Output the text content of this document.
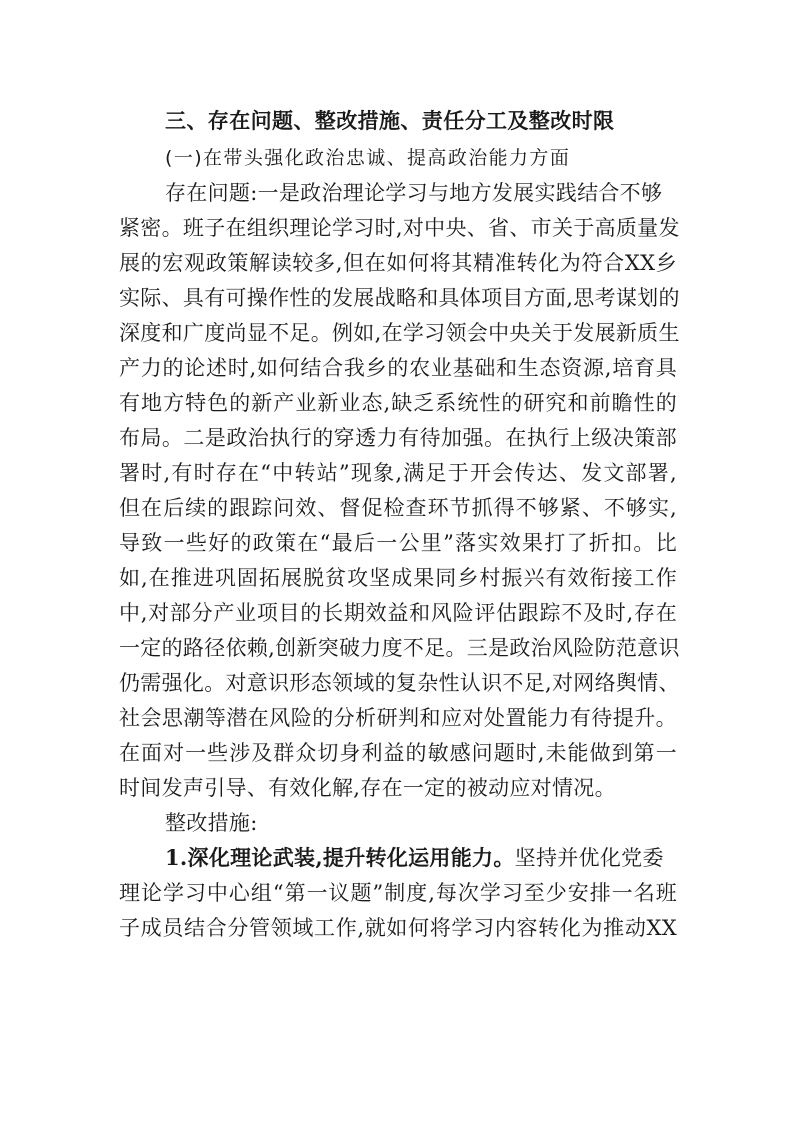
三、存在问题、整改措施、责任分工及整改时限

(一)在带头强化政治忠诚、提高政治能力方面

存在问题:一是政治理论学习与地方发展实践结合不够

紧密。班子在组织理论学习时,对中央、省、市关于高质量发

展的宏观政策解读较多,但在如何将其精准转化为符合XX乡

实际、具有可操作性的发展战略和具体项目方面,思考谋划的

深度和广度尚显不足。例如,在学习领会中央关于发展新质生

产力的论述时,如何结合我乡的农业基础和生态资源,培育具

有地方特色的新产业新业态,缺乏系统性的研究和前瞻性的

布局。二是政治执行的穿透力有待加强。在执行上级决策部

署时,有时存在“中转站”现象,满足于开会传达、发文部署,

但在后续的跟踪问效、督促检查环节抓得不够紧、不够实,

导致一些好的政策在“最后一公里”落实效果打了折扣。比

如,在推进巩固拓展脱贫攻坚成果同乡村振兴有效衔接工作

中,对部分产业项目的长期效益和风险评估跟踪不及时,存在

一定的路径依赖,创新突破力度不足。三是政治风险防范意识

仍需强化。对意识形态领域的复杂性认识不足,对网络舆情、

社会思潮等潜在风险的分析研判和应对处置能力有待提升。

在面对一些涉及群众切身利益的敏感问题时,未能做到第一

时间发声引导、有效化解,存在一定的被动应对情况。

整改措施:

1.深化理论武装,提升转化运用能力。坚持并优化党委

理论学习中心组“第一议题”制度,每次学习至少安排一名班

子成员结合分管领域工作,就如何将学习内容转化为推动XX
